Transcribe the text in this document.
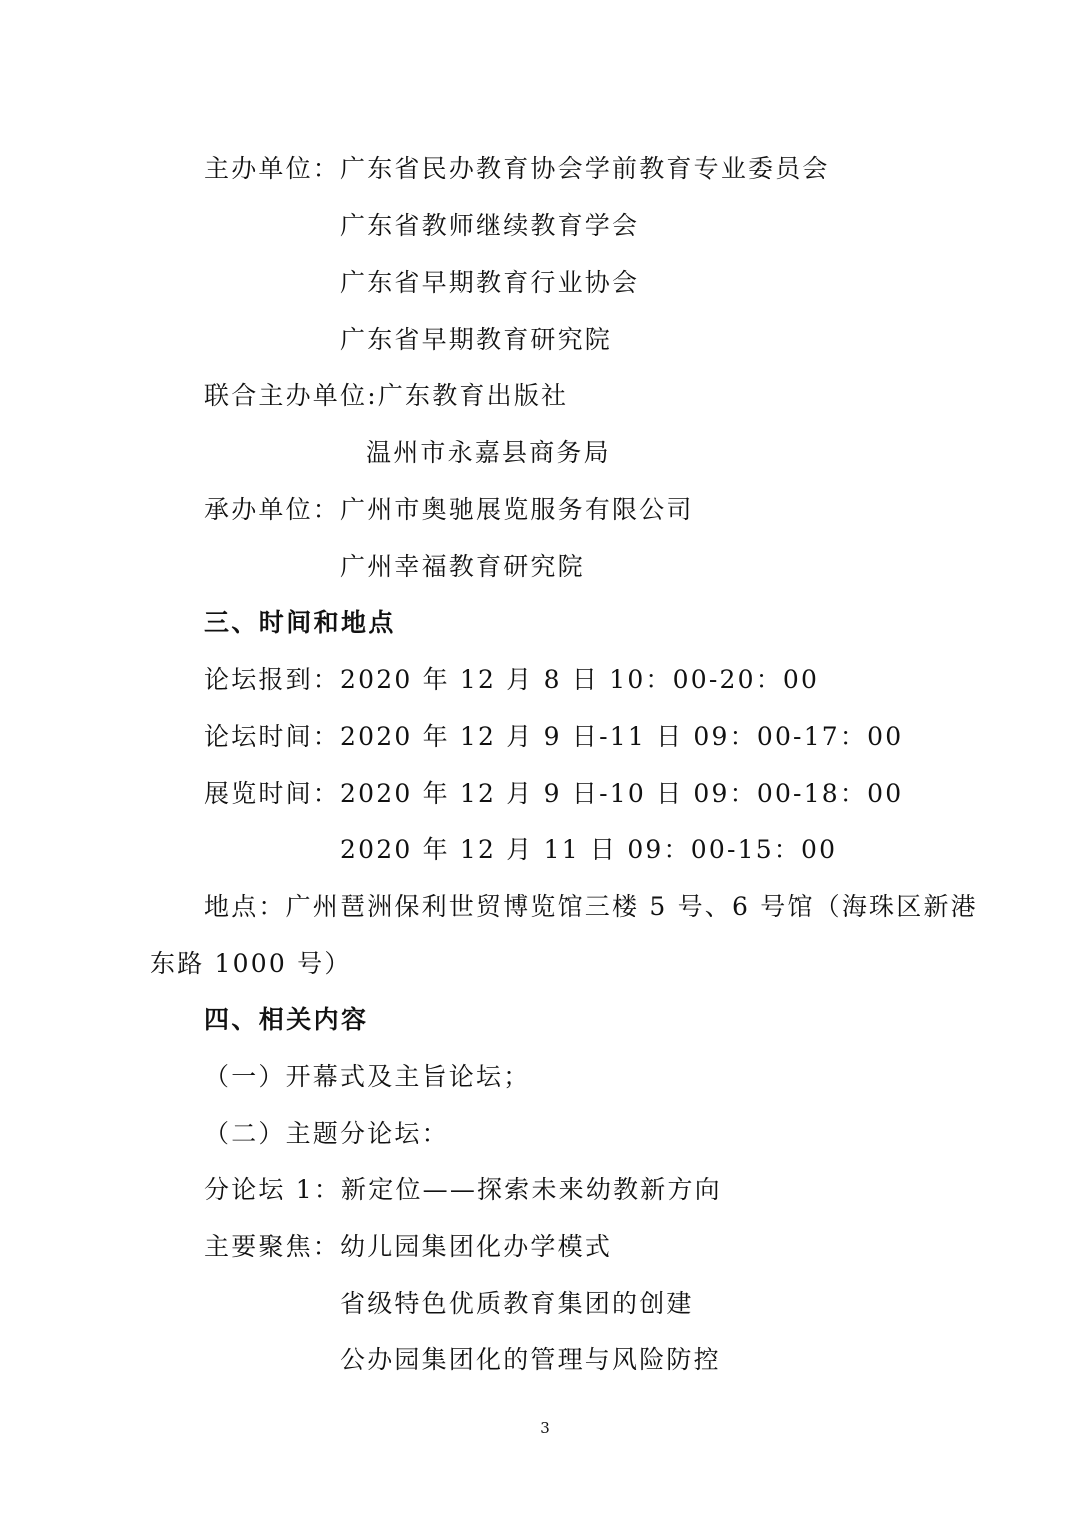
主办单位：广东省民办教育协会学前教育专业委员会
广东省教师继续教育学会
广东省早期教育行业协会
广东省早期教育研究院
联合主办单位:广东教育出版社
温州市永嘉县商务局
承办单位：广州市奥驰展览服务有限公司
广州幸福教育研究院
三、时间和地点
论坛报到：2020 年 12 月 8 日 10：00-20：00
论坛时间：2020 年 12 月 9 日-11 日 09：00-17：00
展览时间：2020 年 12 月 9 日-10 日 09：00-18：00
2020 年 12 月 11 日 09：00-15：00
地点：广州琶洲保利世贸博览馆三楼 5 号、6 号馆（海珠区新港
东路 1000 号）
四、相关内容
（一）开幕式及主旨论坛；
（二）主题分论坛：
分论坛 1：新定位——探索未来幼教新方向
主要聚焦：幼儿园集团化办学模式
省级特色优质教育集团的创建
公办园集团化的管理与风险防控
3
